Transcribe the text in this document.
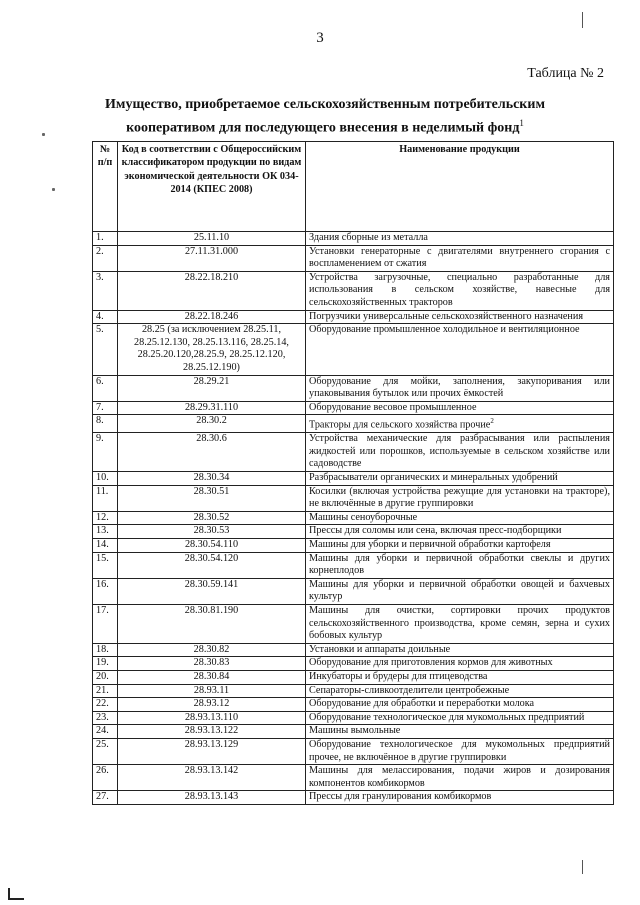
3
Таблица № 2
Имущество, приобретаемое сельскохозяйственным потребительским кооперативом для последующего внесения в неделимый фонд$^1$
№ п/п	Код в соответствии с Общероссийским классификатором продукции по видам экономической деятельности ОК 034-2014 (КПЕС 2008)	Наименование продукции
1.	25.11.10	Здания сборные из металла
2.	27.11.31.000	Установки генераторные с двигателями внутреннего сгорания с воспламенением от сжатия
3.	28.22.18.210	Устройства загрузочные, специально разработанные для использования в сельском хозяйстве, навесные для сельскохозяйственных тракторов
4.	28.22.18.246	Погрузчики универсальные сельскохозяйственного назначения
5.	28.25 (за исключением 28.25.11, 28.25.12.130, 28.25.13.116, 28.25.14, 28.25.20.120,28.25.9, 28.25.12.120, 28.25.12.190)	Оборудование промышленное холодильное и вентиляционное
6.	28.29.21	Оборудование для мойки, заполнения, закупоривания или упаковывания бутылок или прочих ёмкостей
7.	28.29.31.110	Оборудование весовое промышленное
8.	28.30.2	Тракторы для сельского хозяйства прочие$^2$
9.	28.30.6	Устройства механические для разбрасывания или распыления жидкостей или порошков, используемые в сельском хозяйстве или садоводстве
10.	28.30.34	Разбрасыватели органических и минеральных удобрений
11.	28.30.51	Косилки (включая устройства режущие для установки на тракторе), не включённые в другие группировки
12.	28.30.52	Машины сеноуборочные
13.	28.30.53	Прессы для соломы или сена, включая пресс-подборщики
14.	28.30.54.110	Машины для уборки и первичной обработки картофеля
15.	28.30.54.120	Машины для уборки и первичной обработки свеклы и других корнеплодов
16.	28.30.59.141	Машины для уборки и первичной обработки овощей и бахчевых культур
17.	28.30.81.190	Машины для очистки, сортировки прочих продуктов сельскохозяйственного производства, кроме семян, зерна и сухих бобовых культур
18.	28.30.82	Установки и аппараты доильные
19.	28.30.83	Оборудование для приготовления кормов для животных
20.	28.30.84	Инкубаторы и брудеры для птицеводства
21.	28.93.11	Сепараторы-сливкоотделители центробежные
22.	28.93.12	Оборудование для обработки и переработки молока
23.	28.93.13.110	Оборудование технологическое для мукомольных предприятий
24.	28.93.13.122	Машины вымольные
25.	28.93.13.129	Оборудование технологическое для мукомольных предприятий прочее, не включённое в другие группировки
26.	28.93.13.142	Машины для мелассирования, подачи жиров и дозирования компонентов комбикормов
27.	28.93.13.143	Прессы для гранулирования комбикормов
